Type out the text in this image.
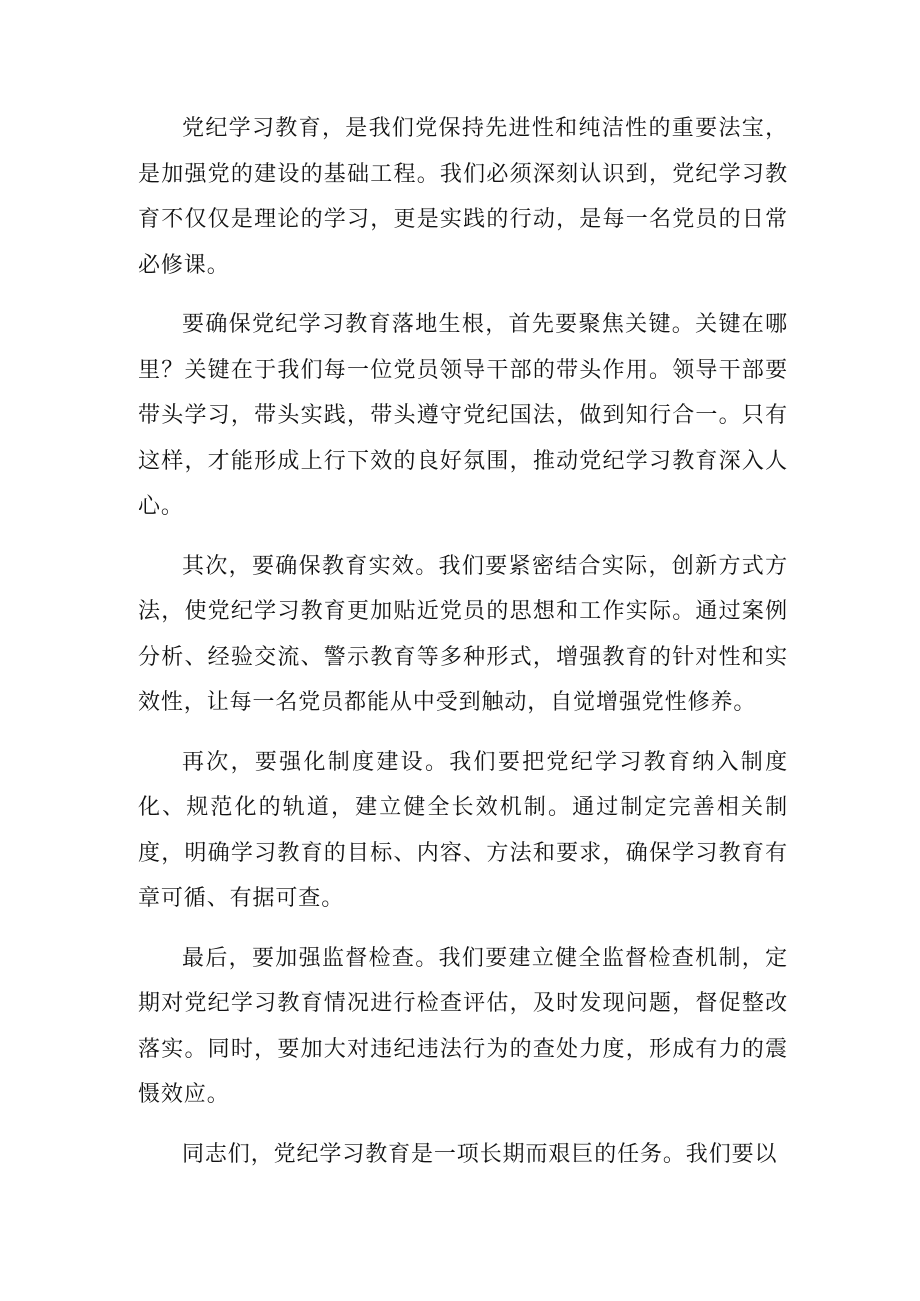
党纪学习教育，是我们党保持先进性和纯洁性的重要法宝，是加强党的建设的基础工程。我们必须深刻认识到，党纪学习教育不仅仅是理论的学习，更是实践的行动，是每一名党员的日常必修课。

要确保党纪学习教育落地生根，首先要聚焦关键。关键在哪里？关键在于我们每一位党员领导干部的带头作用。领导干部要带头学习，带头实践，带头遵守党纪国法，做到知行合一。只有这样，才能形成上行下效的良好氛围，推动党纪学习教育深入人心。

其次，要确保教育实效。我们要紧密结合实际，创新方式方法，使党纪学习教育更加贴近党员的思想和工作实际。通过案例分析、经验交流、警示教育等多种形式，增强教育的针对性和实效性，让每一名党员都能从中受到触动，自觉增强党性修养。

再次，要强化制度建设。我们要把党纪学习教育纳入制度化、规范化的轨道，建立健全长效机制。通过制定完善相关制度，明确学习教育的目标、内容、方法和要求，确保学习教育有章可循、有据可查。

最后，要加强监督检查。我们要建立健全监督检查机制，定期对党纪学习教育情况进行检查评估，及时发现问题，督促整改落实。同时，要加大对违纪违法行为的查处力度，形成有力的震慑效应。

同志们，党纪学习教育是一项长期而艰巨的任务。我们要以
